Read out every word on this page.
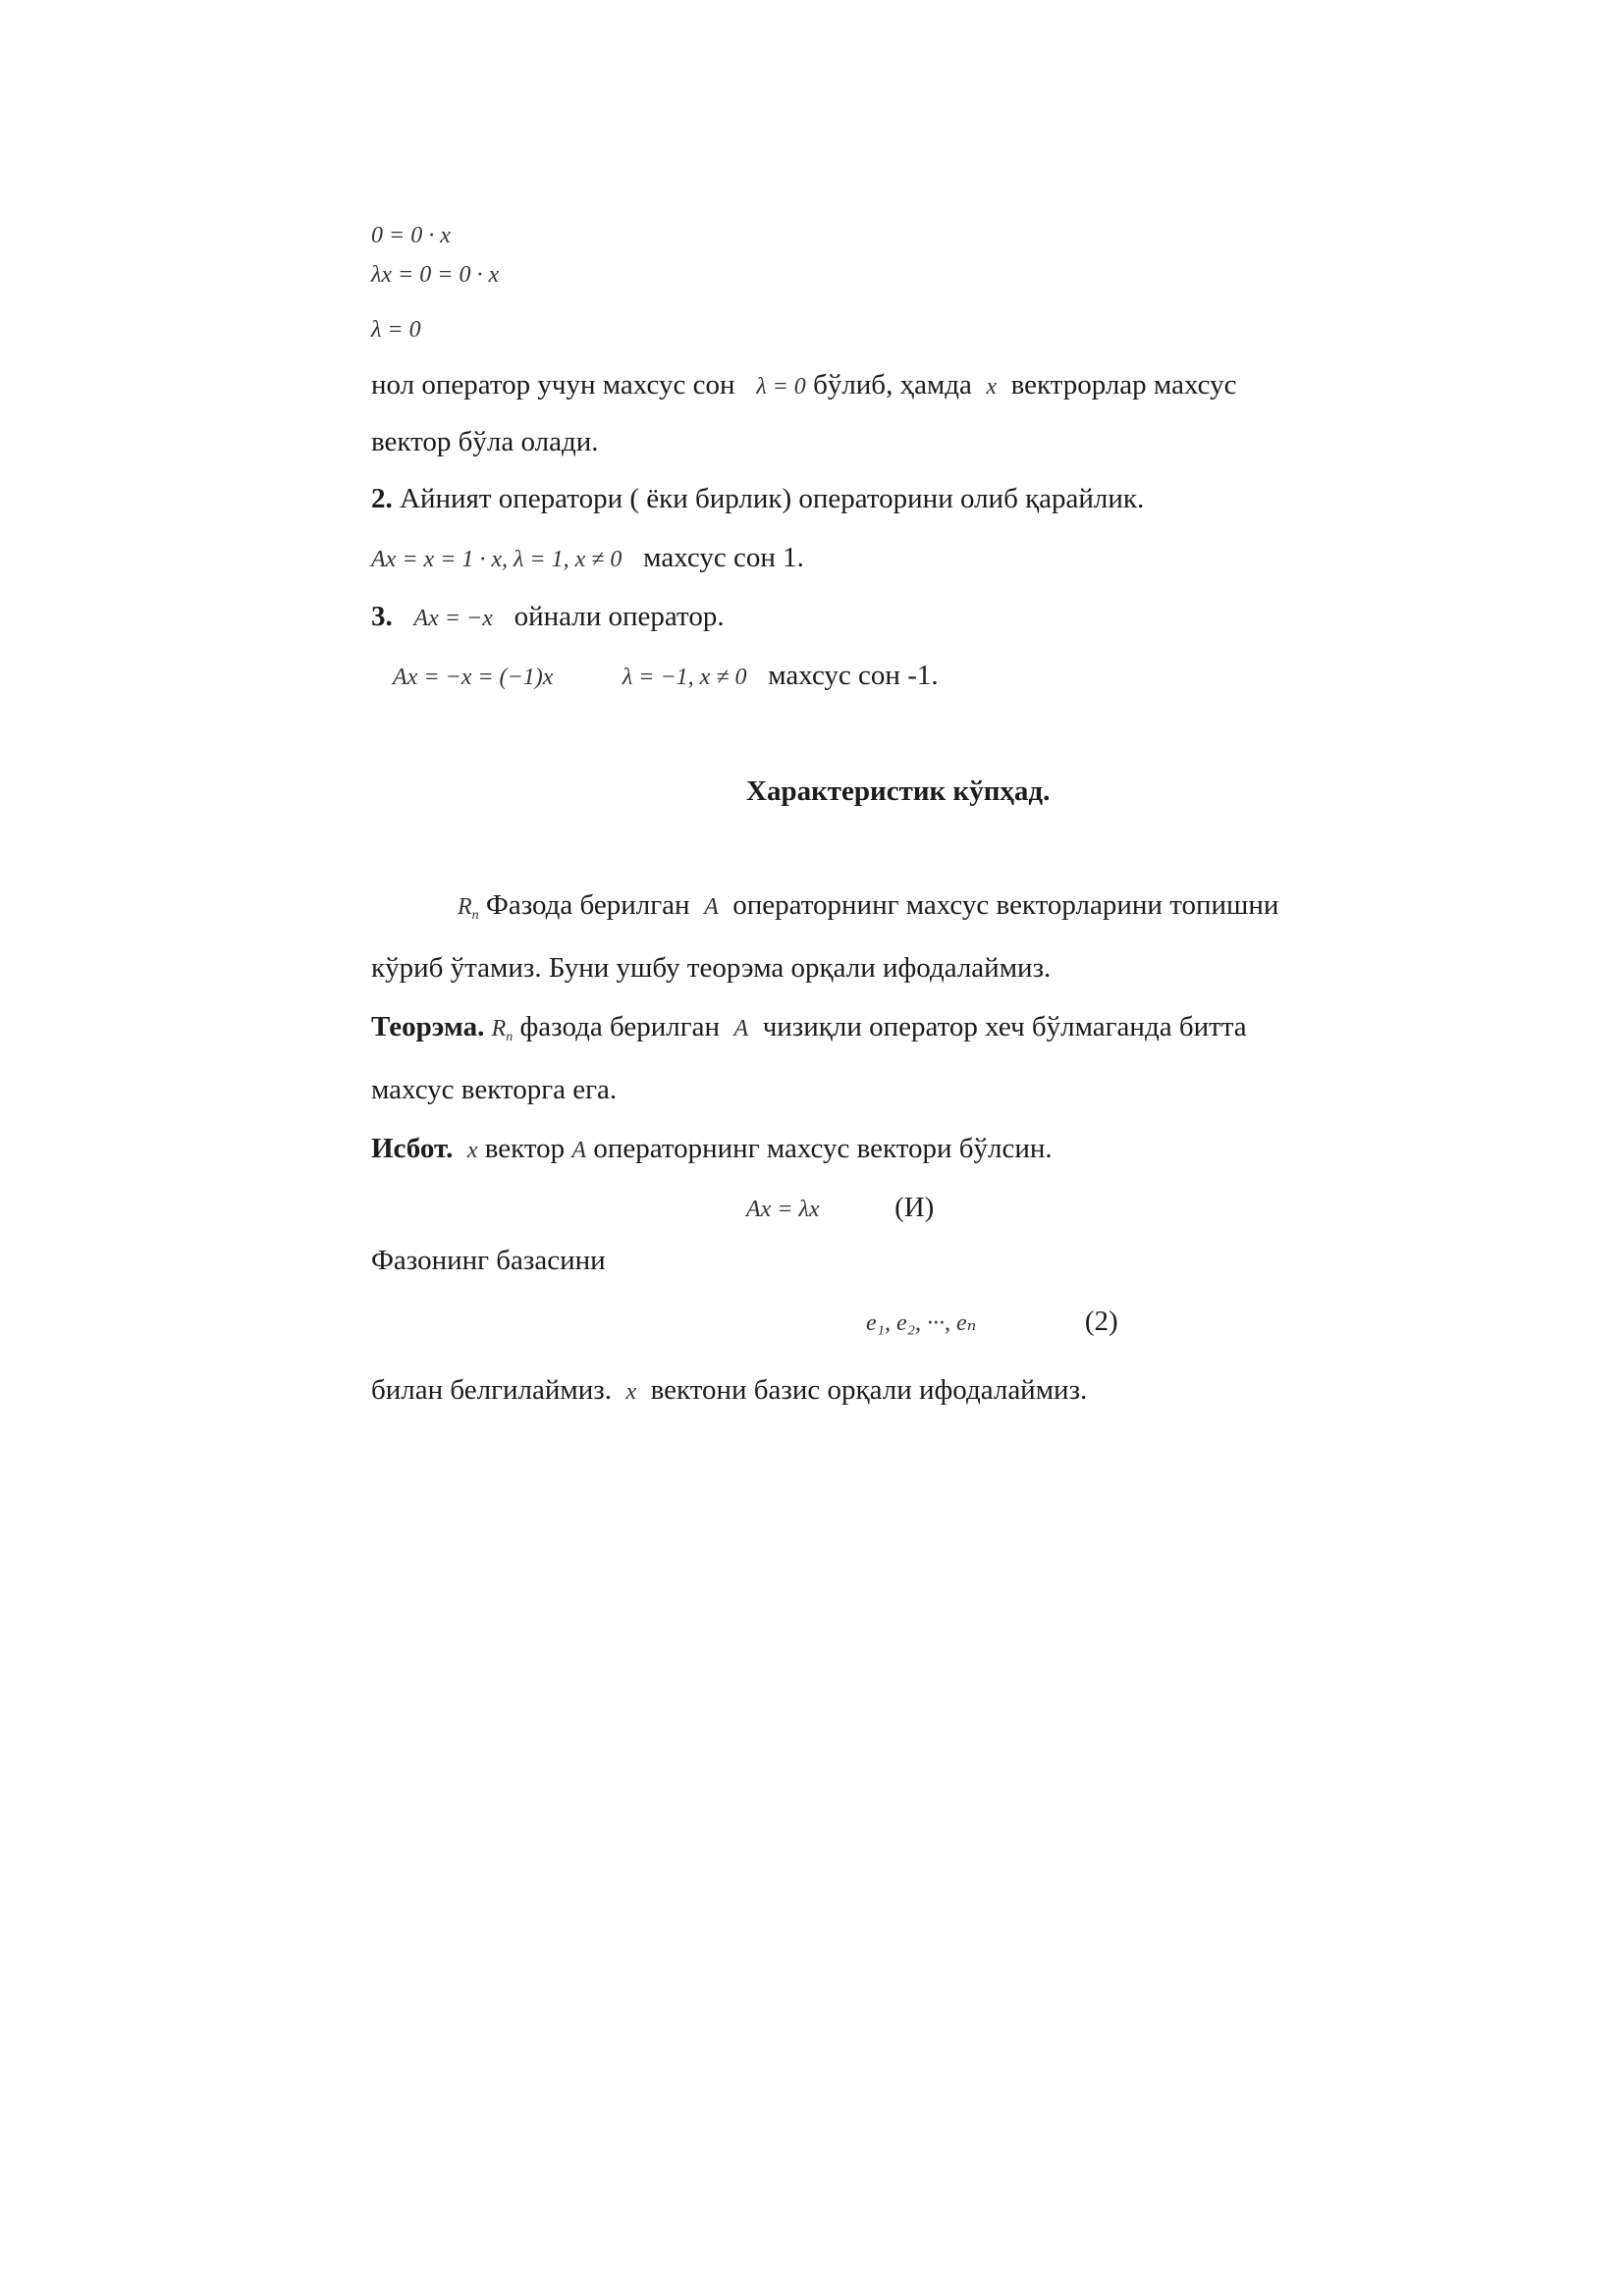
0 = 0 · x
λx = 0 = 0 · x
λ = 0
нол оператор учун махсус сон λ = 0 бўлиб, ҳамда x вектрорлар махсус
вектор бўла олади.
2. Айният оператори ( ёки бирлик) операторини олиб қарайлик.
Ax = x = 1 · x, λ = 1, x ≠ 0 махсус сон 1.
3. Ax = −x ойнали оператор.
Ax = −x = (−1)x	λ = −1, x ≠ 0 махсус сон -1.
Характеристик кўпҳад.
$R_n$ Фазода берилган A операторнинг махсус векторларини топишни
кўриб ўтамиз. Буни ушбу теорэма орқали ифодалаймиз.
Теорэма. $R_n$ фазода берилган A чизиқли оператор хеч бўлмаганда битта
махсус векторга ега.
Исбот. x вектор A операторнинг махсус вектори бўлсин.
Ax = λx	(И)
Фазонинг базасини
e₁, e₂, ···, eₙ	(2)
билан белгилаймиз. x вектони базис орқали ифодалаймиз.
